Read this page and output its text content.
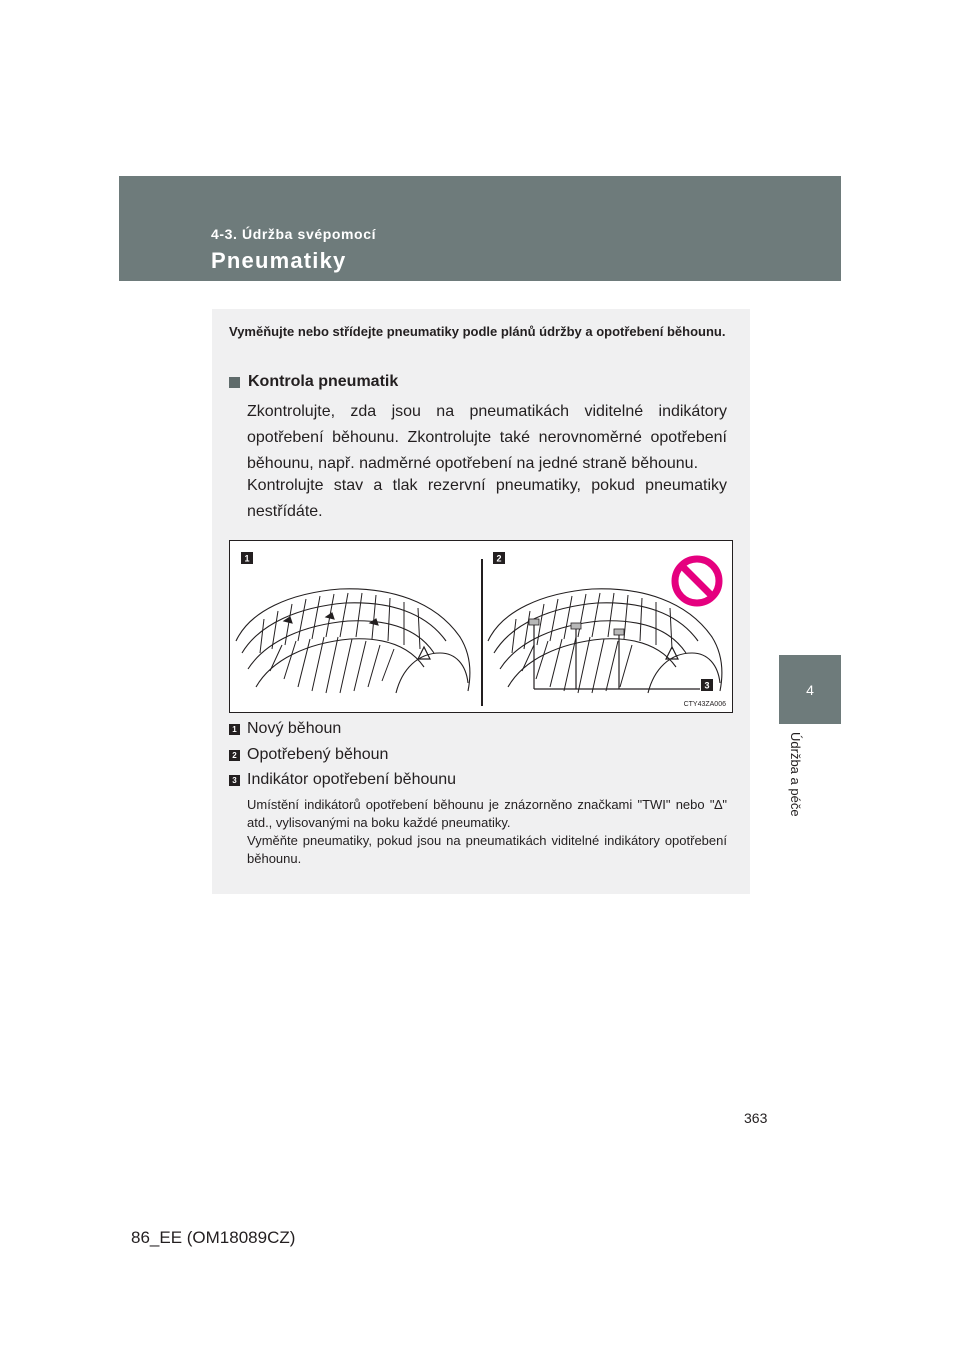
4-3. Údržba svépomocí
Pneumatiky
4
Údržba a péče
Vyměňujte nebo střídejte pneumatiky podle plánů údržby a opotřebení běhounu.
Kontrola pneumatik
Zkontrolujte, zda jsou na pneumatikách viditelné indikátory opotřebení běhounu. Zkontrolujte také nerovnoměrné opotřebení běhounu, např. nadměrné opotřebení na jedné straně běhounu.
Kontrolujte stav a tlak rezervní pneumatiky, pokud pneumatiky nestřídáte.
1	2
3
CTY43ZA006
1 Nový běhoun
2 Opotřebený běhoun
3 Indikátor opotřebení běhounu

Umístění indikátorů opotřebení běhounu je znázorněno značkami "TWI" nebo "∆" atd., vylisovanými na boku každé pneumatiky.

Vyměňte pneumatiky, pokud jsou na pneumatikách viditelné indikátory opotřebení běhounu.

363
86_EE (OM18089CZ)
